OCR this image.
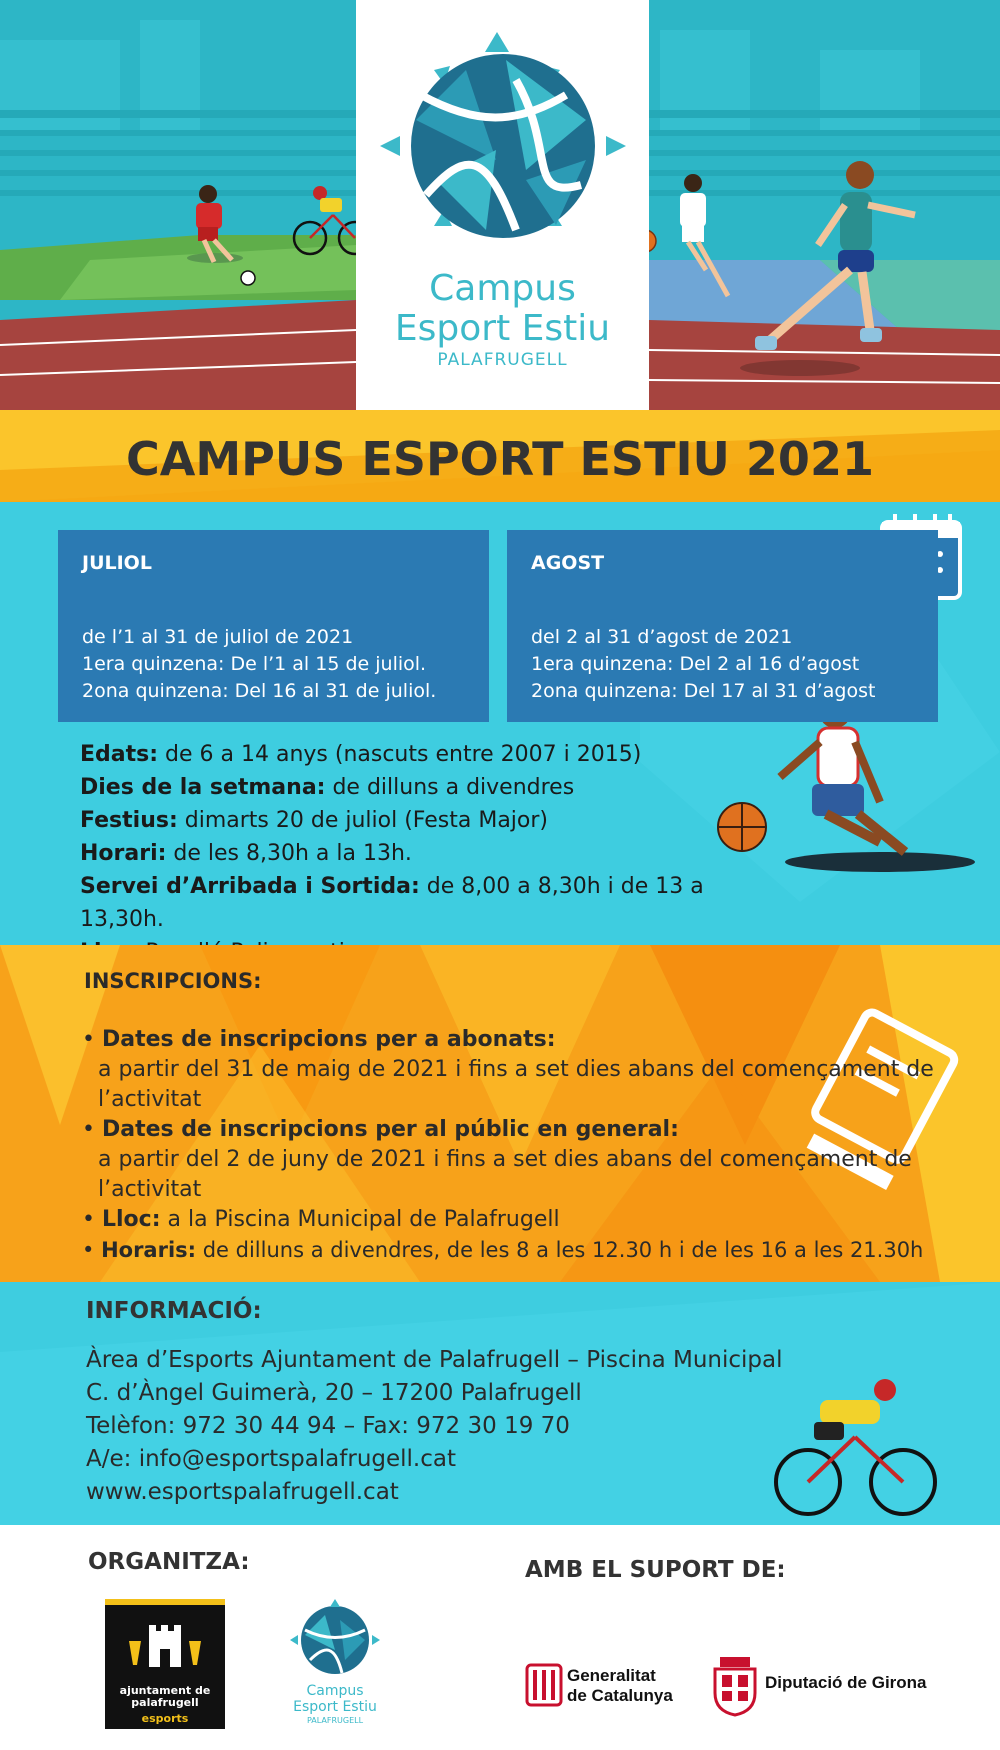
Campus
Esport Estiu
PALAFRUGELL
CAMPUS ESPORT ESTIU 2021
JULIOL
de l’1 al 31 de juliol de 2021
1era quinzena: De l’1 al 15 de juliol.
2ona quinzena: Del 16 al 31 de juliol.
AGOST
del 2 al 31 d’agost de 2021
1era quinzena: Del 2 al 16 d’agost
2ona quinzena: Del 17 al 31 d’agost
Edats: de 6 a 14 anys (nascuts entre 2007 i 2015)
Dies de la setmana: de dilluns a divendres
Festius: dimarts 20 de juliol (Festa Major)
Horari: de les 8,30h a la 13h.
Servei d’Arribada i Sortida: de 8,00 a 8,30h i de 13 a 13,30h.
INSCRIPCIONS:
• Dates de inscripcions per a abonats:
a partir del 31 de maig de 2021 i fins a set dies abans del començament de l’activitat
• Dates de inscripcions per al públic en general:
a partir del 2 de juny de 2021 i fins a set dies abans del començament de l’activitat
• Lloc: a la Piscina Municipal de Palafrugell
• Horaris: de dilluns a divendres, de les 8 a les 12.30 h i de les 16 a les 21.30h
INFORMACIÓ:
Àrea d’Esports Ajuntament de Palafrugell – Piscina Municipal
C. d’Àngel Guimerà, 20 – 17200 Palafrugell
Telèfon: 972 30 44 94 – Fax: 972 30 19 70
A/e: info@esportspalafrugell.cat
www.esportspalafrugell.cat
ORGANITZA:	AMB EL SUPORT DE:
ajuntament de
palafrugell
esports
Campus
Esport Estiu
PALAFRUGELL
Generalitat
de Catalunya
Diputació de Girona
